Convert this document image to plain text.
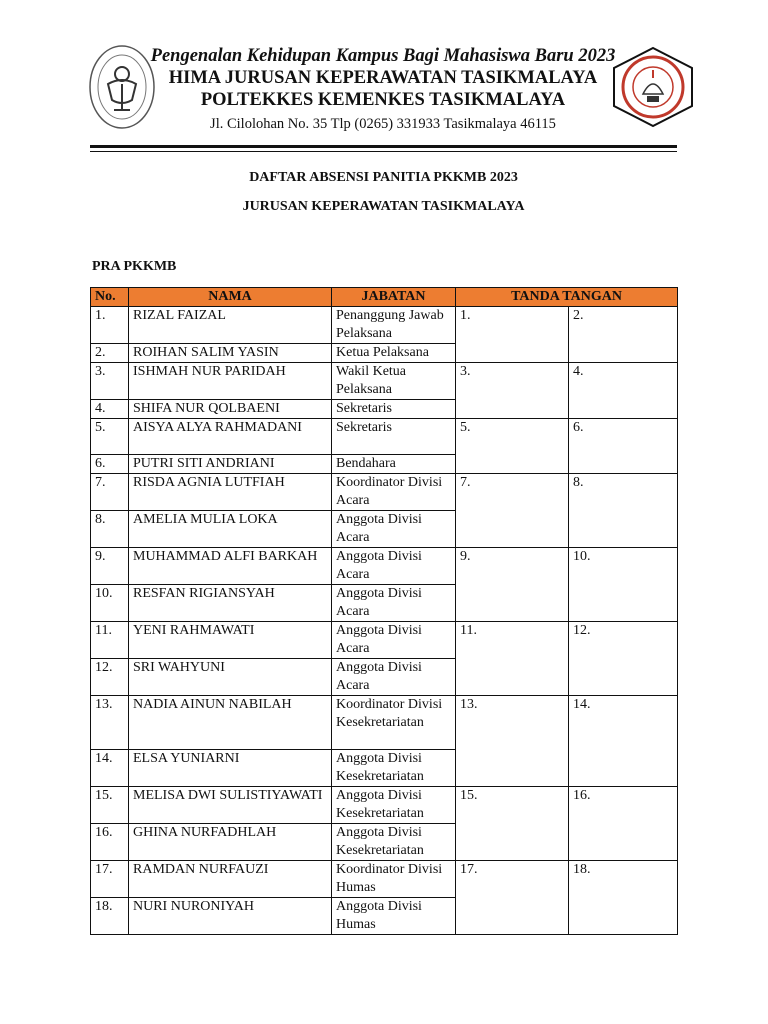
Pengenalan Kehidupan Kampus Bagi Mahasiswa Baru 2023
HIMA JURUSAN KEPERAWATAN TASIKMALAYA
POLTEKKES KEMENKES TASIKMALAYA
Jl. Cilolohan No. 35 Tlp (0265) 331933 Tasikmalaya 46115
DAFTAR ABSENSI PANITIA PKKMB 2023
JURUSAN KEPERAWATAN TASIKMALAYA
PRA PKKMB
No.	NAMA	JABATAN	TANDA TANGAN	
1.	RIZAL FAIZAL	Penanggung Jawab Pelaksana	1.	2.
2.	ROIHAN SALIM YASIN	Ketua Pelaksana		
3.	ISHMAH NUR PARIDAH	Wakil Ketua Pelaksana	3.	4.
4.	SHIFA NUR QOLBAENI	Sekretaris		
5.	AISYA ALYA RAHMADANI	Sekretaris	5.	6.
6.	PUTRI SITI ANDRIANI	Bendahara		
7.	RISDA AGNIA LUTFIAH	Koordinator Divisi Acara	7.	8.
8.	AMELIA MULIA LOKA	Anggota Divisi Acara		
9.	MUHAMMAD ALFI BARKAH	Anggota Divisi Acara	9.	10.
10.	RESFAN RIGIANSYAH	Anggota Divisi Acara		
11.	YENI RAHMAWATI	Anggota Divisi Acara	11.	12.
12.	SRI WAHYUNI	Anggota Divisi Acara		
13.	NADIA AINUN NABILAH	Koordinator Divisi Kesekretariatan	13.	14.
14.	ELSA YUNIARNI	Anggota Divisi Kesekretariatan		
15.	MELISA DWI SULISTIYAWATI	Anggota Divisi Kesekretariatan	15.	16.
16.	GHINA NURFADHLAH	Anggota Divisi Kesekretariatan		
17.	RAMDAN NURFAUZI	Koordinator Divisi Humas	17.	18.
18.	NURI NURONIYAH	Anggota Divisi Humas		
